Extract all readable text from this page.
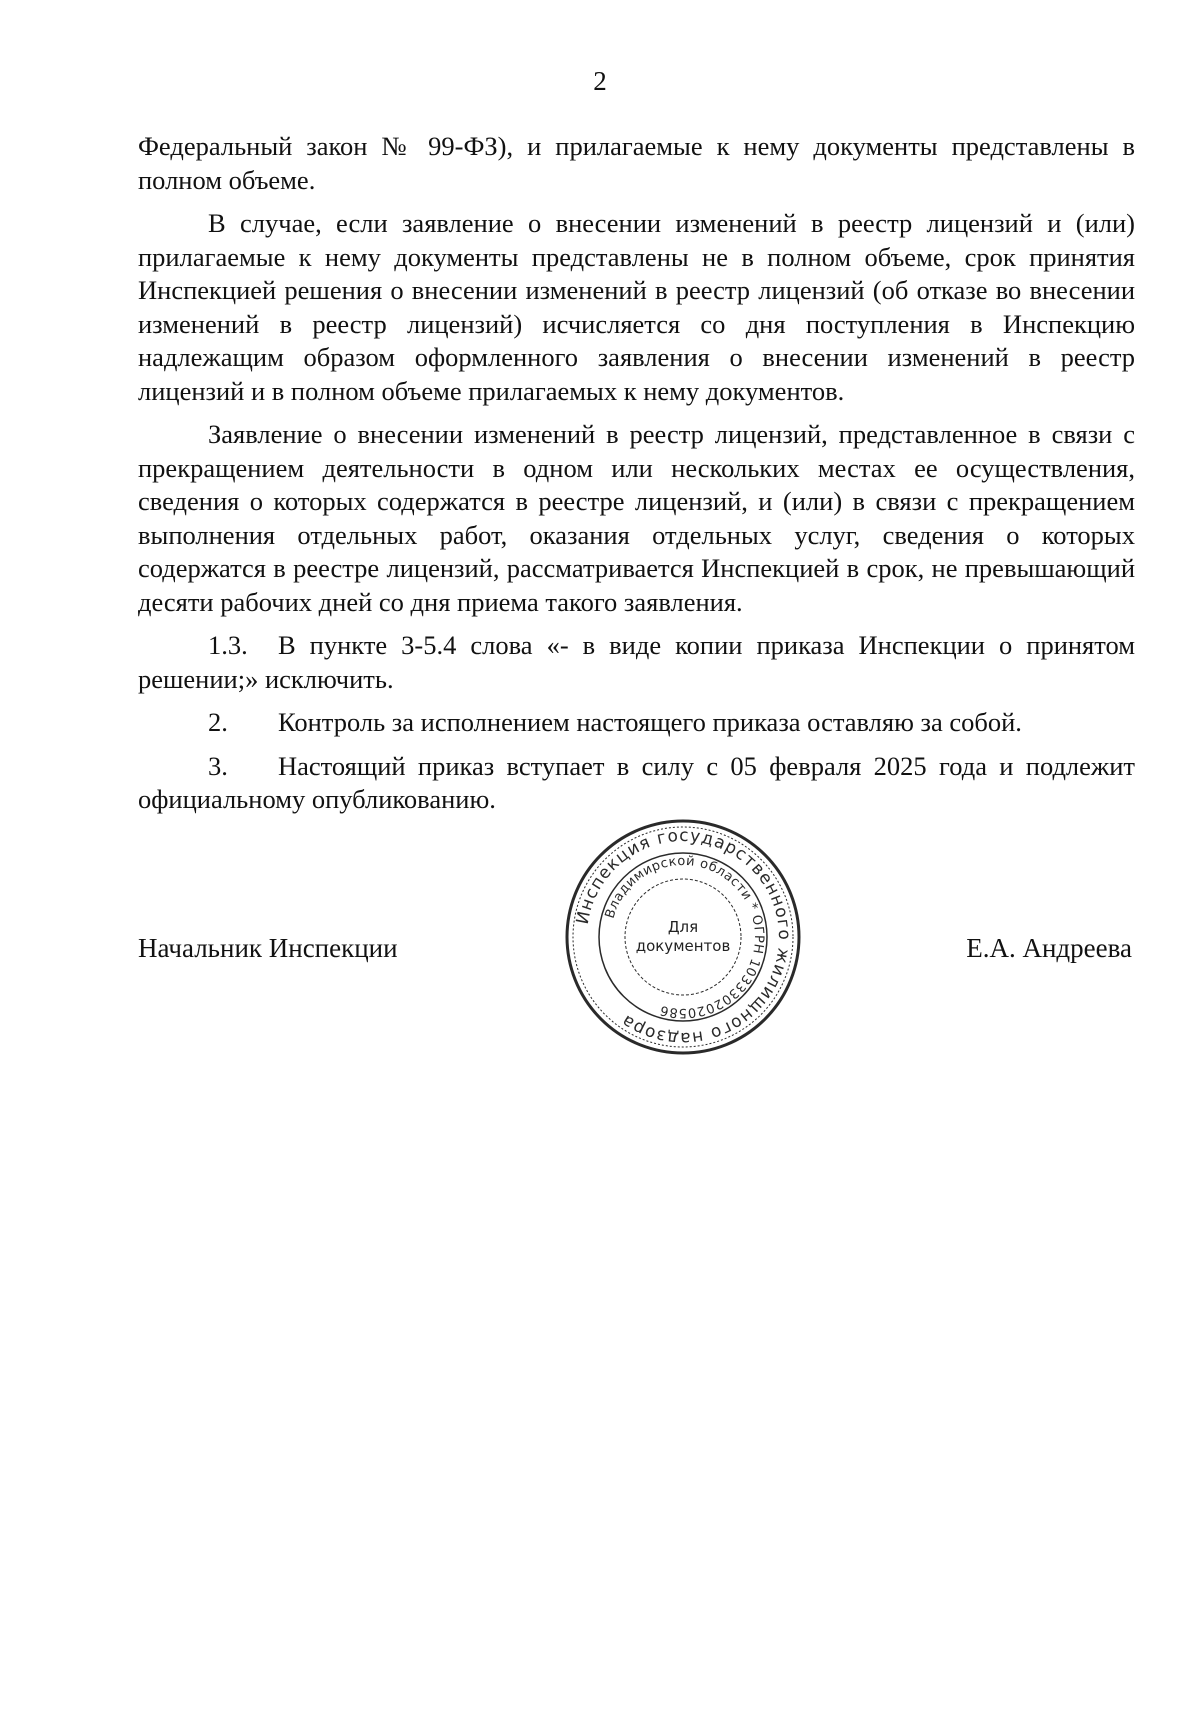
2

Федеральный закон № 99-ФЗ), и прилагаемые к нему документы представлены в полном объеме.

В случае, если заявление о внесении изменений в реестр лицензий и (или) прилагаемые к нему документы представлены не в полном объеме, срок принятия Инспекцией решения о внесении изменений в реестр лицензий (об отказе во внесении изменений в реестр лицензий) исчисляется со дня поступления в Инспекцию надлежащим образом оформленного заявления о внесении изменений в реестр лицензий и в полном объеме прилагаемых к нему документов.

Заявление о внесении изменений в реестр лицензий, представленное в связи с прекращением деятельности в одном или нескольких местах ее осуществления, сведения о которых содержатся в реестре лицензий, и (или) в связи с прекращением выполнения отдельных работ, оказания отдельных услуг, сведения о которых содержатся в реестре лицензий, рассматривается Инспекцией в срок, не превышающий десяти рабочих дней со дня приема такого заявления.

1.3. В пункте 3-5.4 слова «- в виде копии приказа Инспекции о принятом решении;» исключить.

2. Контроль за исполнением настоящего приказа оставляю за собой.

3. Настоящий приказ вступает в силу с 05 февраля 2025 года и подлежит официальному опубликованию.

Начальник Инспекции	Е.А. Андреева
Инспекция государственного жилищного надзора
Владимирской области * ОГРН 1033302020586
Для
документов
